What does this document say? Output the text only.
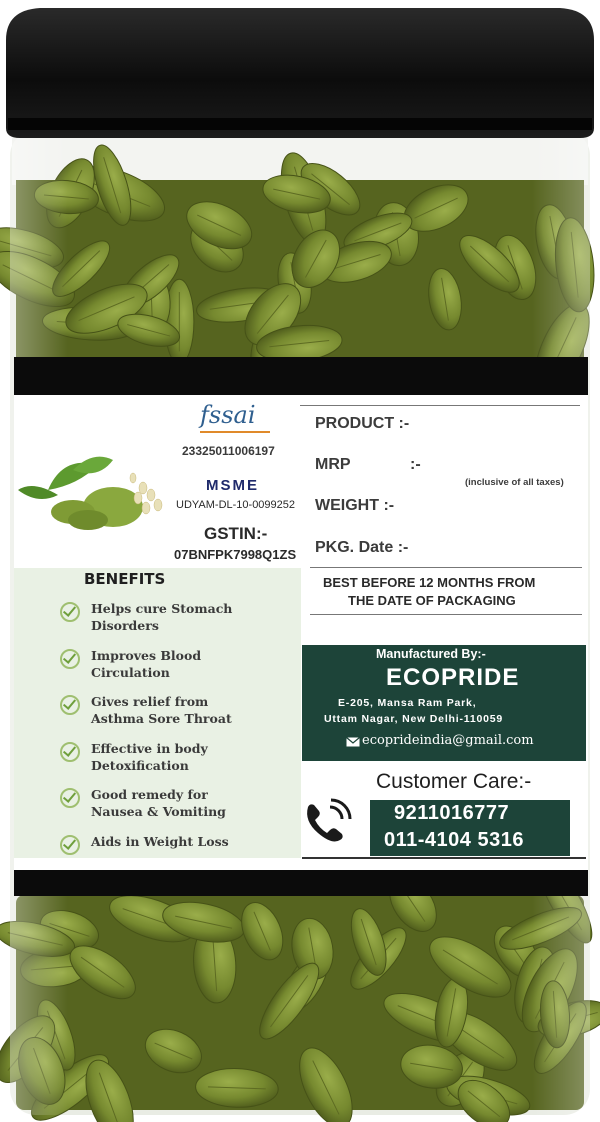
fssai
23325011006197
MSME
UDYAM-DL-10-0099252
GSTIN:-
07BNFPK7998Q1ZS
PRODUCT :-
MRP	:-
(inclusive of all taxes)
WEIGHT :-
PKG. Date :-
BEST BEFORE 12 MONTHS FROM
THE DATE OF PACKAGING
BENEFITS
Helps cure Stomach
Disorders
Improves Blood
Circulation
Gives relief from
Asthma Sore Throat
Effective in body
Detoxification
Good remedy for
Nausea & Vomiting
Aids in Weight Loss
Manufactured By:-
ECOPRIDE
E-205, Mansa Ram Park,
Uttam Nagar, New Delhi-110059
ecoprideindia@gmail.com
Customer Care:-
9211016777
011-4104 5316
